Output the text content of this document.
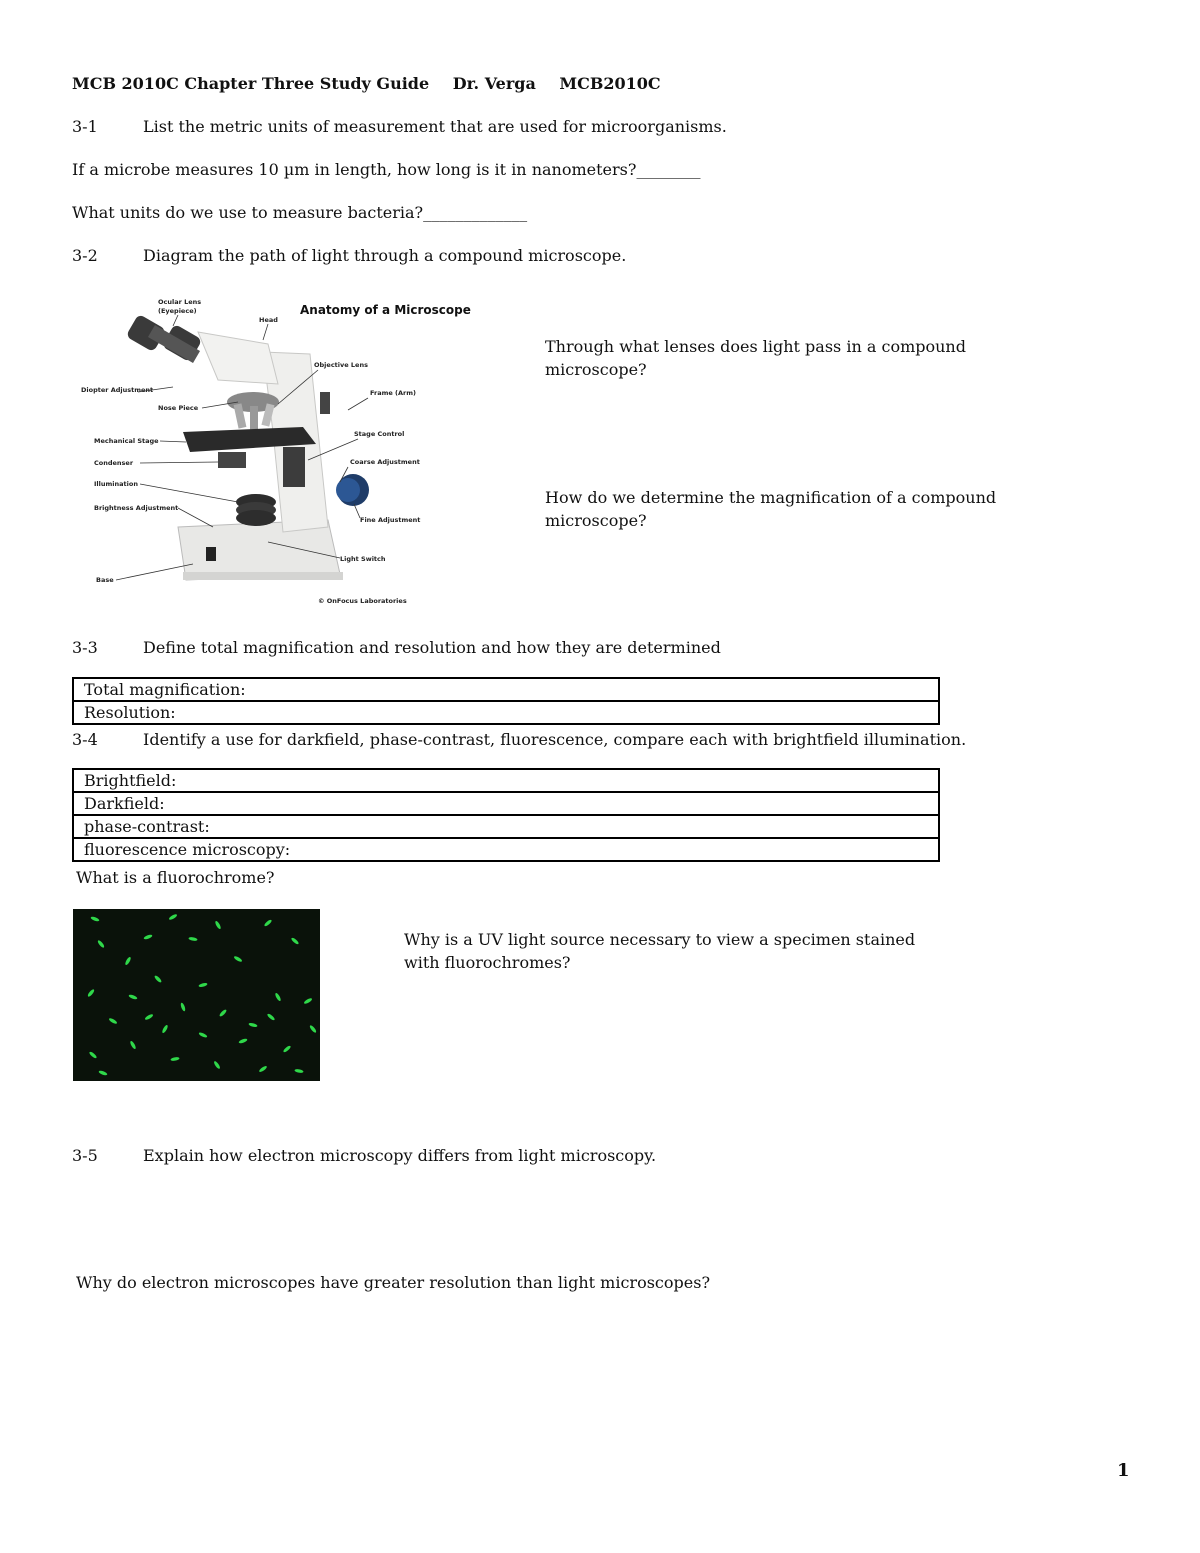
MCB 2010C Chapter Three Study Guide Dr. Verga MCB2010C
3-1	List the metric units of measurement that are used for microorganisms.
If a microbe measures 10 µm in length, how long is it in nanometers?________
What units do we use to measure bacteria?_____________
3-2	Diagram the path of light through a compound microscope.
Anatomy of a Microscope
Ocular Lens
(Eyepiece)
Head
Objective Lens
Diopter Adjustment	Frame (Arm)
Nose Piece
Stage Control
Mechanical Stage
Condenser	Coarse Adjustment
Illumination
Brightness Adjustment
Fine Adjustment
Light Switch
Base
© OnFocus Laboratories
Through what lenses does light pass in a compound microscope?
How do we determine the magnification of a compound microscope?
3-3	Define total magnification and resolution and how they are determined
Total magnification:
Resolution:
3-4	Identify a use for darkfield, phase-contrast, fluorescence, compare each with brightfield illumination.
Brightfield:
Darkfield:
phase-contrast:
fluorescence microscopy:
What is a fluorochrome?
Why is a UV light source necessary to view a specimen stained with fluorochromes?
3-5	Explain how electron microscopy differs from light microscopy.
Why do electron microscopes have greater resolution than light microscopes?
1
